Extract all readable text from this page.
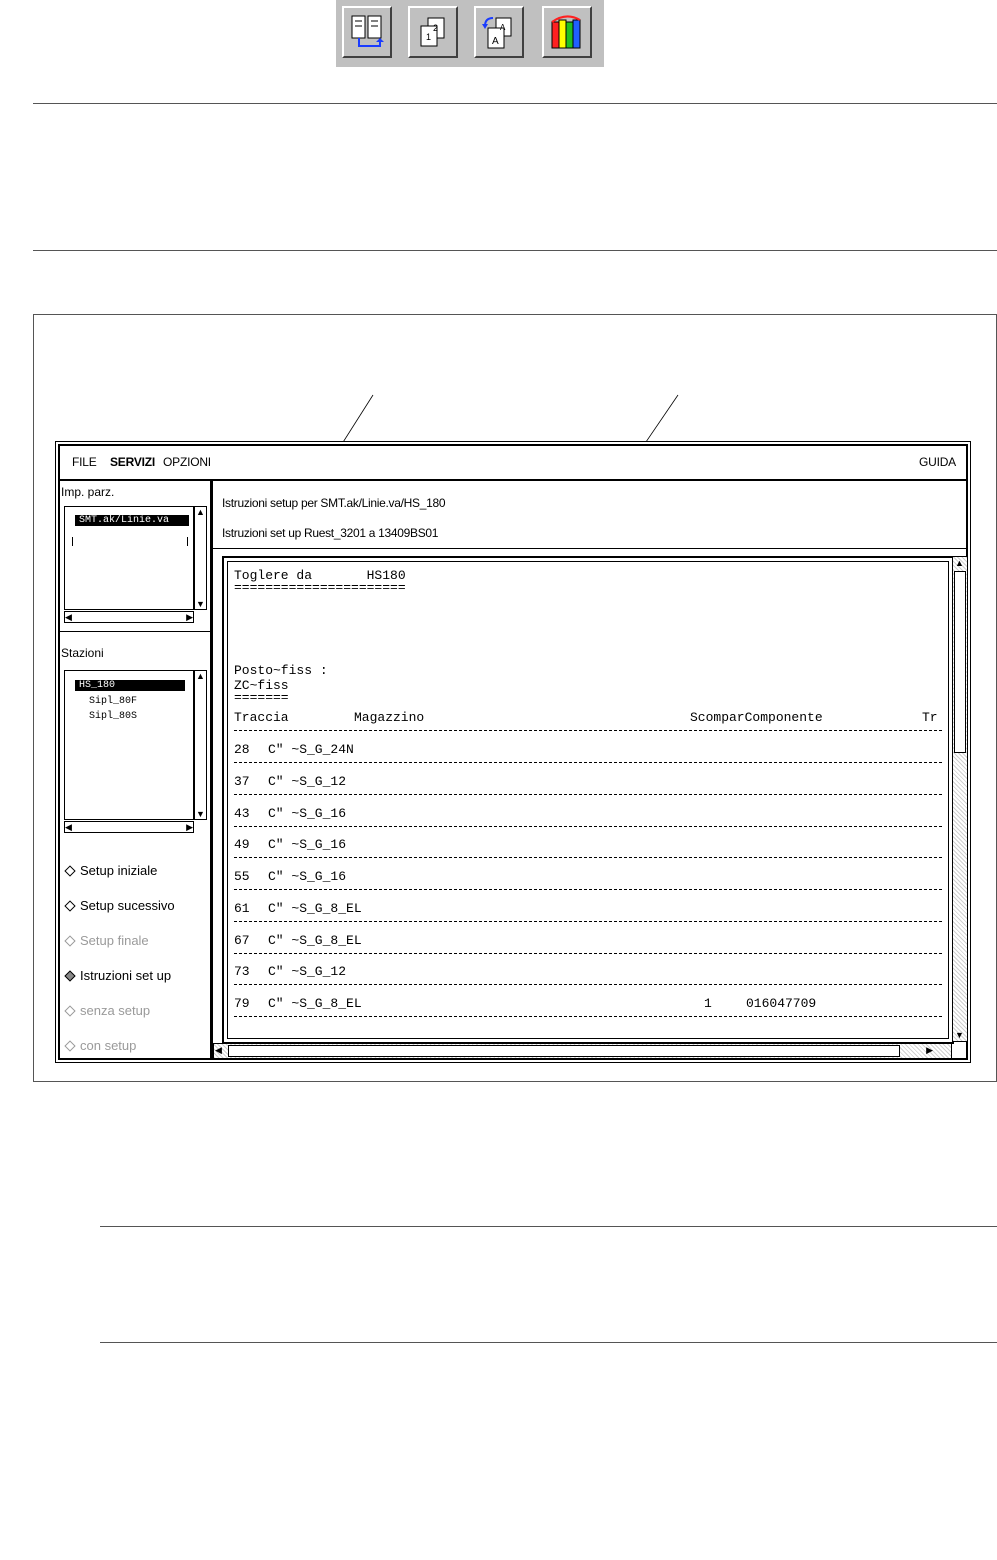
2
1	A
A
FILE SERVIZI OPZIONI	GUIDA
Imp. parz.
SMT.ak/Linie.va
▲
▼
◀	▶
Stazioni
HS_180
Sipl_80F
Sipl_80S
▲
▼
◀	▶
Setup iniziale
Setup sucessivo
Setup finale
Istruzioni set up
senza setup
con setup
Istruzioni setup per SMT.ak/Linie.va/HS_180
Istruzioni set up Ruest_3201 a 13409BS01
Toglere da       HS180
======================
Posto~fiss :
ZC~fiss
=======
Traccia	Magazzino	ScomparComponente	Tr
28 C" ~S_G_24N
37 C" ~S_G_12
43 C" ~S_G_16
49 C" ~S_G_16
55 C" ~S_G_16
61 C" ~S_G_8_EL
67 C" ~S_G_8_EL
73 C" ~S_G_12
79 C" ~S_G_8_EL	1	016047709
▲
▼
◀	▶
